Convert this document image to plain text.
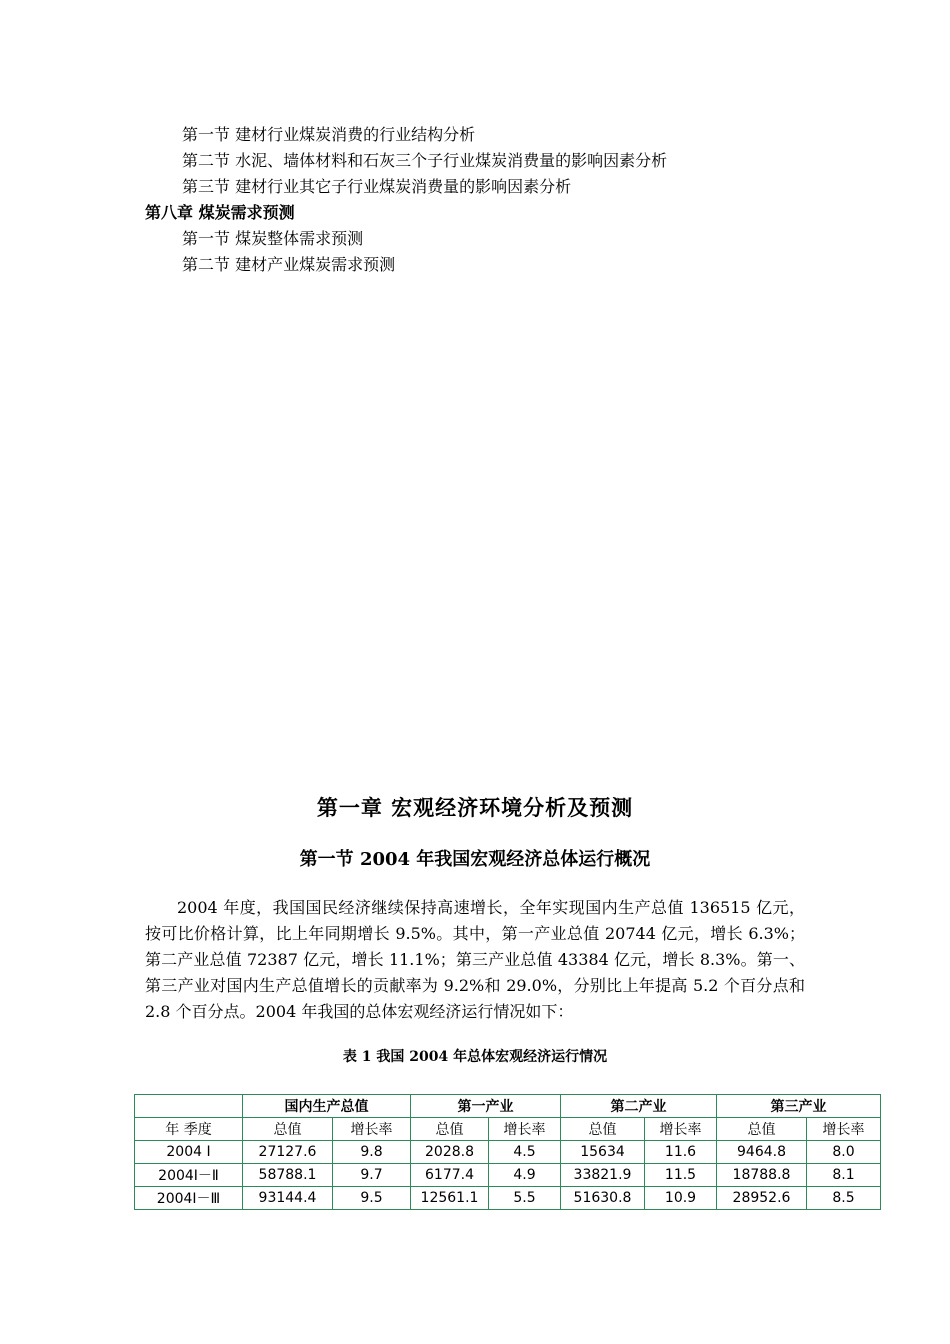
第一节 建材行业煤炭消费的行业结构分析
第二节 水泥、墙体材料和石灰三个子行业煤炭消费量的影响因素分析
第三节 建材行业其它子行业煤炭消费量的影响因素分析
第八章 煤炭需求预测
第一节 煤炭整体需求预测
第二节 建材产业煤炭需求预测
第一章 宏观经济环境分析及预测
第一节 2004 年我国宏观经济总体运行概况
2004 年度，我国国民经济继续保持高速增长，全年实现国内生产总值 136515 亿元，按可比价格计算，比上年同期增长 9.5%。其中，第一产业总值 20744 亿元，增长 6.3%；第二产业总值 72387 亿元，增长 11.1%；第三产业总值 43384 亿元，增长 8.3%。第一、第三产业对国内生产总值增长的贡献率为 9.2%和 29.0%，分别比上年提高 5.2 个百分点和 2.8 个百分点。2004 年我国的总体宏观经济运行情况如下：
表 1 我国 2004 年总体宏观经济运行情况
	国内生产总值		第一产业		第二产业		第三产业	
年 季度	总值	增长率	总值	增长率	总值	增长率	总值	增长率
2004 Ⅰ	27127.6	9.8	2028.8	4.5	15634	11.6	9464.8	8.0
2004Ⅰ－Ⅱ	58788.1	9.7	6177.4	4.9	33821.9	11.5	18788.8	8.1
2004Ⅰ－Ⅲ	93144.4	9.5	12561.1	5.5	51630.8	10.9	28952.6	8.5
